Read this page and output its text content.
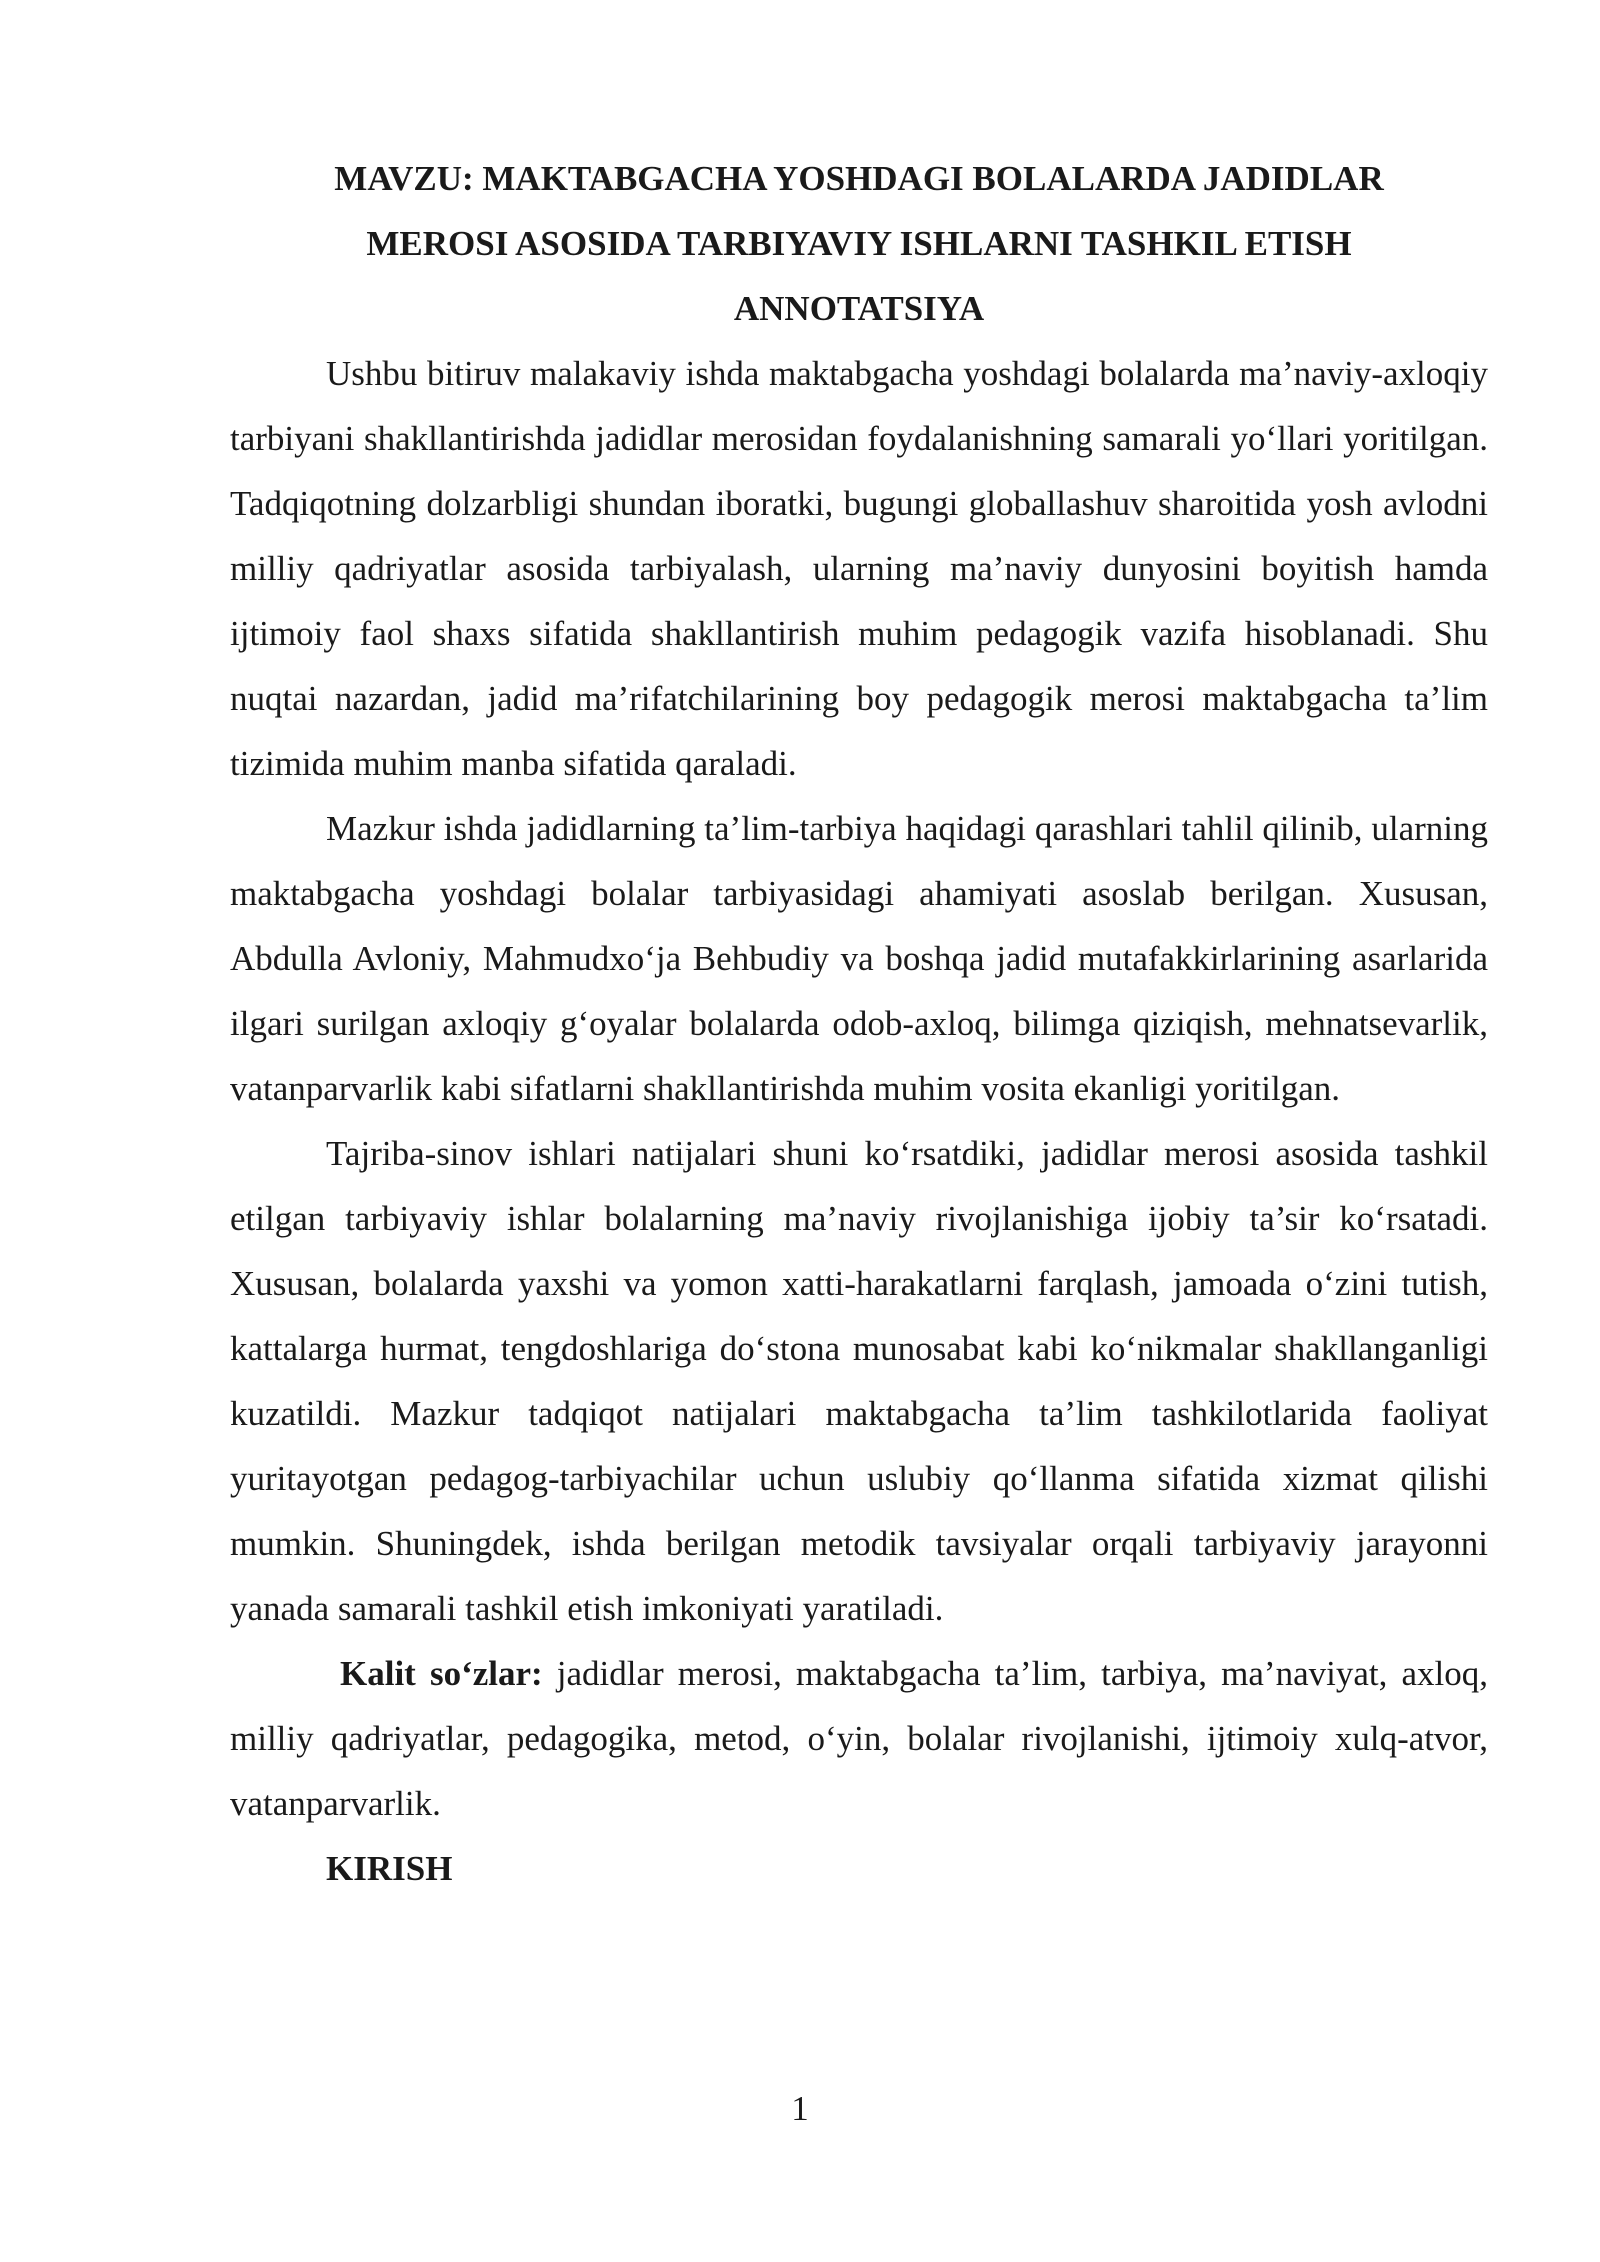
MAVZU: MAKTABGACHA YOSHDAGI BOLALARDA JADIDLAR
MEROSI ASOSIDA TARBIYAVIY ISHLARNI TASHKIL ETISH
ANNOTATSIYA

Ushbu bitiruv malakaviy ishda maktabgacha yoshdagi bolalarda ma’naviy-axloqiy tarbiyani shakllantirishda jadidlar merosidan foydalanishning samarali yo‘llari yoritilgan. Tadqiqotning dolzarbligi shundan iboratki, bugungi globallashuv sharoitida yosh avlodni milliy qadriyatlar asosida tarbiyalash, ularning ma’naviy dunyosini boyitish hamda ijtimoiy faol shaxs sifatida shakllantirish muhim pedagogik vazifa hisoblanadi. Shu nuqtai nazardan, jadid ma’rifatchilarining boy pedagogik merosi maktabgacha ta’lim tizimida muhim manba sifatida qaraladi.

Mazkur ishda jadidlarning ta’lim-tarbiya haqidagi qarashlari tahlil qilinib, ularning maktabgacha yoshdagi bolalar tarbiyasidagi ahamiyati asoslab berilgan. Xususan, Abdulla Avloniy, Mahmudxo‘ja Behbudiy va boshqa jadid mutafakkirlarining asarlarida ilgari surilgan axloqiy g‘oyalar bolalarda odob-axloq, bilimga qiziqish, mehnatsevarlik, vatanparvarlik kabi sifatlarni shakllantirishda muhim vosita ekanligi yoritilgan.

Tajriba-sinov ishlari natijalari shuni ko‘rsatdiki, jadidlar merosi asosida tashkil etilgan tarbiyaviy ishlar bolalarning ma’naviy rivojlanishiga ijobiy ta’sir ko‘rsatadi. Xususan, bolalarda yaxshi va yomon xatti-harakatlarni farqlash, jamoada o‘zini tutish, kattalarga hurmat, tengdoshlariga do‘stona munosabat kabi ko‘nikmalar shakllanganligi kuzatildi. Mazkur tadqiqot natijalari maktabgacha ta’lim tashkilotlarida faoliyat yuritayotgan pedagog-tarbiyachilar uchun uslubiy qo‘llanma sifatida xizmat qilishi mumkin. Shuningdek, ishda berilgan metodik tavsiyalar orqali tarbiyaviy jarayonni yanada samarali tashkil etish imkoniyati yaratiladi.

Kalit so‘zlar: jadidlar merosi, maktabgacha ta’lim, tarbiya, ma’naviyat, axloq, milliy qadriyatlar, pedagogika, metod, o‘yin, bolalar rivojlanishi, ijtimoiy xulq-atvor, vatanparvarlik.

KIRISH
1
